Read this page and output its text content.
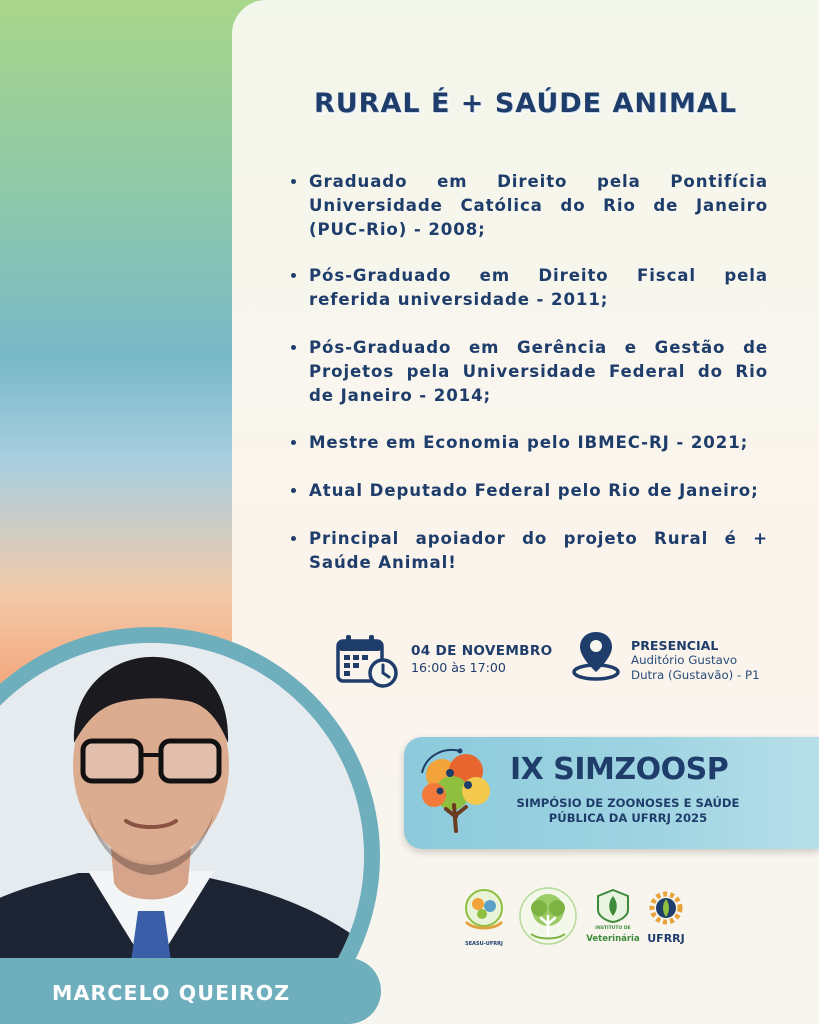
RURAL É + SAÚDE ANIMAL
Graduado em Direito pela Pontifícia Universidade Católica do Rio de Janeiro (PUC-Rio) - 2008;
Pós-Graduado em Direito Fiscal pela referida universidade - 2011;
Pós-Graduado em Gerência e Gestão de Projetos pela Universidade Federal do Rio de Janeiro - 2014;
Mestre em Economia pelo IBMEC-RJ - 2021;
Atual Deputado Federal pelo Rio de Janeiro;
Principal apoiador do projeto Rural é + Saúde Animal!
04 DE NOVEMBRO
16:00 às 17:00
PRESENCIAL
Auditório Gustavo
Dutra (Gustavão) - P1
IX SIMZOOSP
SIMPÓSIO DE ZOONOSES E SAÚDE
PÚBLICA DA UFRRJ 2025
SEASU-UFRRJ
INSTITUTO DE
Veterinária UFRRJ
MARCELO QUEIROZ
